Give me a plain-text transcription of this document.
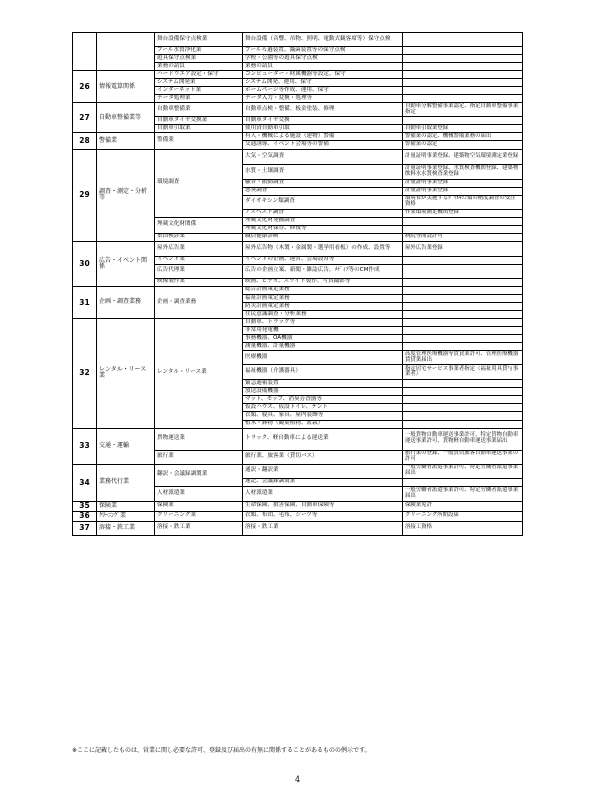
		舞台設備保守点検業	舞台設備（音響、吊物、照明、電動式観客席等）保守点検	
		プール水質浄化業	プールろ過装置、滅菌装置等の保守点検	
		遊具保守点検業	学校・公園等の遊具保守点検	
		業務の請負	業務の請負	
26	情報電算関係	ハードウエア設定・保守	コンピューター・財属機器等設定、保守	
		システム開発業	システム開発、運用、保守	
		インターネット業	ホームページ等作成、運用、保守	
		データ処理業	データ入力・変換・処理等	
27	自動車整備業等	自動車整備業	自動車点検・整備、板金塗装、修理	自動車分解整備事業認定、指定自動車整備事業指定
		自動車タイヤ交換業	自動車タイヤ交換	
		自動車引取業	使用済自動車引取	自動車引取業登録
28	警備業	警備業	有人・機械による施設（建物）警備	警備業の認定、機械警備業務の届出
			交通誘導、イベント会場等の警備	警備業の認定
29	調査・測定・分析等	環境調査	大気・空気調査	計量証明事業登録、建築物空気環境測定業登録
			水質・土壌調査	計量証明事業登録、水質検査機関登録、建築物飲料水水質検査業登録
			騒音・振動調査	計量証明事業登録
			悪臭調査	計量証明事業登録
			ダイオキシン類調査	環境省が実施するﾀﾞｲｵｷｼﾝ類の精度調査の受注資格
			アスベスト調査	作業環境測定機関登録
		埋蔵文化財関係	埋蔵文化財発掘調査	
			埋蔵文化財保存、修復等	
		集団検診業	職員健康診断	病院等開設許可
30	広告・イベント関係	屋外広告業	屋外広告物（木製・金属製・選挙用看板）の作成、設置等	屋外広告業登録
		イベント業	イベントの企画、運営、会場設営等	
		広告代理業	広告の企画立案、新聞・雑誌広告、ﾒﾃﾞｨｱ等のCM作成	
		映像製作業	映画、ビデオ、スライド製作、写真撮影等	
31	企画・調査業務	企画・調査業務	総合計画策定業務	
			福祉計画策定業務	
			防災計画策定業務	
			住民意識調査・分析業務	
32	レンタル・リース業	レンタル・リース業	自動車、トラック等	
			非常用発電機	
			事務機器、OA機器	
			測量機器、計量機器	
			医療機器	高度管理医療機器等賃貸業許可、管理医療機器賃貸業届出
			福祉機器（介護器具）	指定居宅サービス事業者指定（福祉用具貸与事業者）
			緊急通報装置	
			放送設備機器	
			マット、モップ、消臭芳香器等	
			仮設ハウス、仮設トイレ、テント	
			衣類、寝具、家具、屋内装飾等	
			植木・鉢物（観葉植物、盆栽）	
33	交通・運輸	貨物運送業	トラック、軽自動車による運送業	一般貨物自動車運送事業許可、特定貨物自動車運送事業許可、貨物軽自動車運送事業届出
		旅行業	旅行業、旅客業（貸切バス）	旅行業の登録、一般貸切旅客自動車運送事業の許可
34	業務代行業	翻訳・会議録調製業	通訳・翻訳業	一般労働者派遣事業許可、特定労働者派遣事業届出
			速記、会議録調製業	
		人材派遣業	人材派遣業	一般労働者派遣事業許可、特定労働者派遣事業届出
35	保険業	保険業	生命保険、損害保険、自動車保険等	保険業免許
36	ｸﾘｰﾆﾝｸﾞ業	クリーニング業	衣類、布団、毛布、シーツ等	クリーニング所開設届
37	溶接・鉄工業	溶接・鉄工業	溶接・鉄工業	溶接工資格
※ここに記載したものは、営業に関し必要な許可、登録及び届出の有無に関係することがあるものの例示です。
4
